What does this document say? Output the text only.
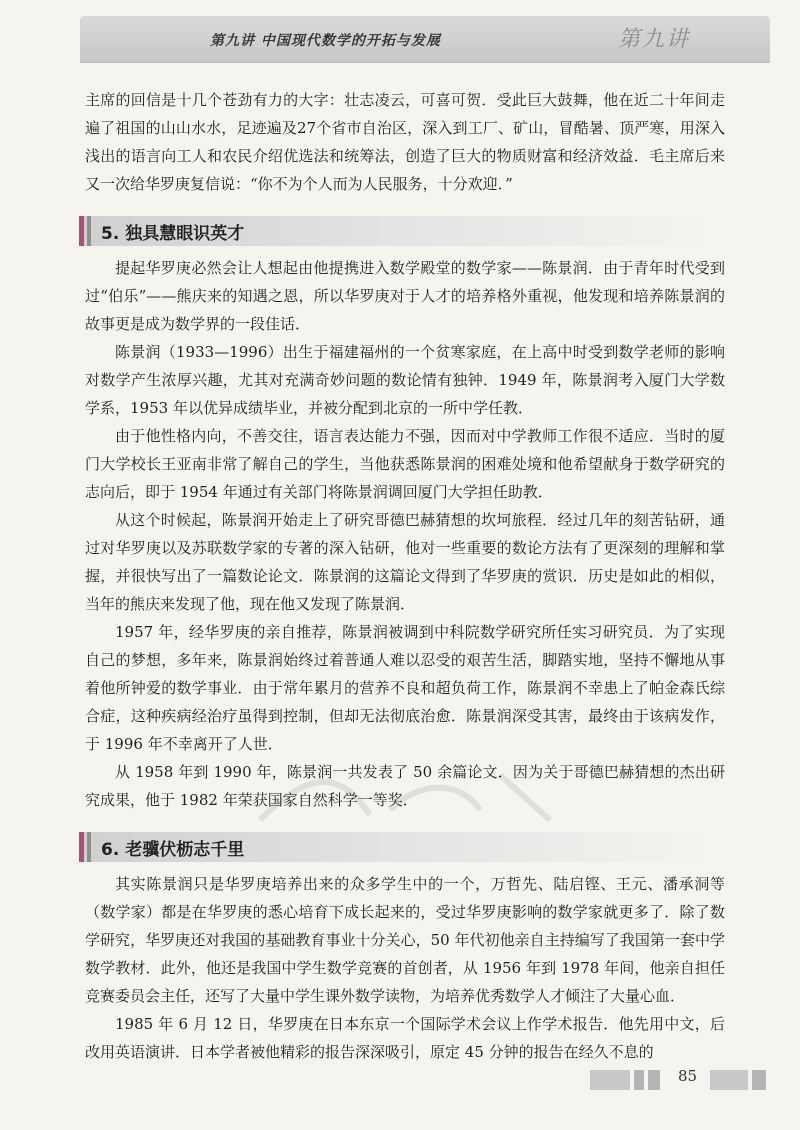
第九讲 中国现代数学的开拓与发展	第九讲

主席的回信是十几个苍劲有力的大字：壮志凌云，可喜可贺．受此巨大鼓舞，他在近二十年间走遍了祖国的山山水水，足迹遍及27个省市自治区，深入到工厂、矿山，冒酷暑、顶严寒，用深入浅出的语言向工人和农民介绍优选法和统筹法，创造了巨大的物质财富和经济效益．毛主席后来又一次给华罗庚复信说：“你不为个人而为人民服务，十分欢迎．”

5. 独具慧眼识英才

提起华罗庚必然会让人想起由他提携进入数学殿堂的数学家——陈景润．由于青年时代受到过“伯乐”——熊庆来的知遇之恩，所以华罗庚对于人才的培养格外重视，他发现和培养陈景润的故事更是成为数学界的一段佳话．

陈景润（1933—1996）出生于福建福州的一个贫寒家庭，在上高中时受到数学老师的影响对数学产生浓厚兴趣，尤其对充满奇妙问题的数论情有独钟．1949 年，陈景润考入厦门大学数学系，1953 年以优异成绩毕业，并被分配到北京的一所中学任教．

由于他性格内向，不善交往，语言表达能力不强，因而对中学教师工作很不适应．当时的厦门大学校长王亚南非常了解自己的学生，当他获悉陈景润的困难处境和他希望献身于数学研究的志向后，即于 1954 年通过有关部门将陈景润调回厦门大学担任助教．

从这个时候起，陈景润开始走上了研究哥德巴赫猜想的坎坷旅程．经过几年的刻苦钻研，通过对华罗庚以及苏联数学家的专著的深入钻研，他对一些重要的数论方法有了更深刻的理解和掌握，并很快写出了一篇数论论文．陈景润的这篇论文得到了华罗庚的赏识．历史是如此的相似，当年的熊庆来发现了他，现在他又发现了陈景润．

1957 年，经华罗庚的亲自推荐，陈景润被调到中科院数学研究所任实习研究员．为了实现自己的梦想，多年来，陈景润始终过着普通人难以忍受的艰苦生活，脚踏实地，坚持不懈地从事着他所钟爱的数学事业．由于常年累月的营养不良和超负荷工作，陈景润不幸患上了帕金森氏综合症，这种疾病经治疗虽得到控制，但却无法彻底治愈．陈景润深受其害，最终由于该病发作，于 1996 年不幸离开了人世．

从 1958 年到 1990 年，陈景润一共发表了 50 余篇论文．因为关于哥德巴赫猜想的杰出研究成果，他于 1982 年荣获国家自然科学一等奖．

6. 老骥伏枥志千里

其实陈景润只是华罗庚培养出来的众多学生中的一个，万哲先、陆启铿、王元、潘承洞等（数学家）都是在华罗庚的悉心培育下成长起来的，受过华罗庚影响的数学家就更多了．除了数学研究，华罗庚还对我国的基础教育事业十分关心，50 年代初他亲自主持编写了我国第一套中学数学教材．此外，他还是我国中学生数学竞赛的首创者，从 1956 年到 1978 年间，他亲自担任竞赛委员会主任，还写了大量中学生课外数学读物，为培养优秀数学人才倾注了大量心血．

1985 年 6 月 12 日，华罗庚在日本东京一个国际学术会议上作学术报告．他先用中文，后改用英语演讲．日本学者被他精彩的报告深深吸引，原定 45 分钟的报告在经久不息的

85
